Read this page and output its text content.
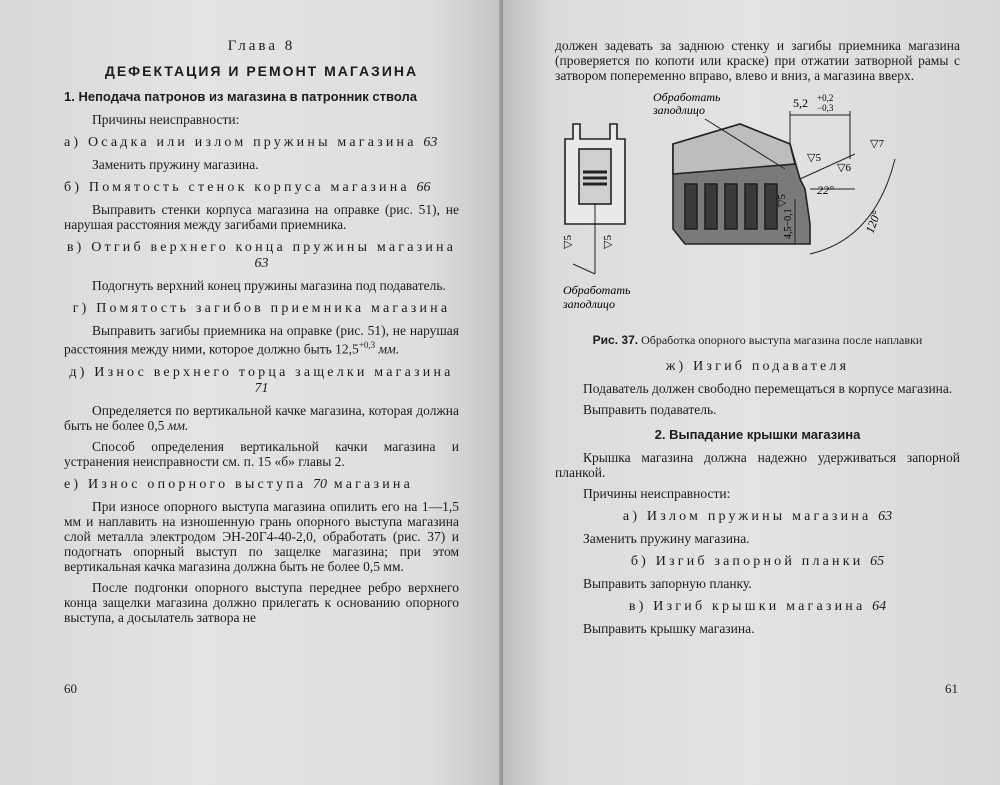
Глава 8
ДЕФЕКТАЦИЯ И РЕМОНТ МАГАЗИНА
1. Неподача патронов из магазина в патронник ствола
Причины неисправности:
а) Осадка или излом пружины магазина 63
Заменить пружину магазина.
б) Помятость стенок корпуса магазина 66
Выправить стенки корпуса магазина на оправке (рис. 51), не нарушая расстояния между загибами приемника.
в) Отгиб верхнего конца пружины магазина 63
Подогнуть верхний конец пружины магазина под подаватель.
г) Помятость загибов приемника магазина
Выправить загибы приемника на оправке (рис. 51), не нарушая расстояния между ними, которое должно быть $12,5^{+0,3}$ мм.
д) Износ верхнего торца защелки магазина 71
Определяется по вертикальной качке магазина, которая должна быть не более 0,5 мм.
Способ определения вертикальной качки магазина и устранения неисправности см. п. 15 «б» главы 2.
е) Износ опорного выступа 70 магазина
При износе опорного выступа магазина опилить его на 1—1,5 мм и наплавить на изношенную грань опорного выступа магазина слой металла электродом ЭН-20Г4-40-2,0, обработать (рис. 37) и подогнать опорный выступ по защелке магазина; при этом вертикальная качка магазина должна быть не более 0,5 мм.
После подгонки опорного выступа переднее ребро верхнего конца защелки магазина должно прилегать к основанию опорного выступа, а досылатель затвора не
60
должен задевать за заднюю стенку и загибы приемника магазина (проверяется по копоти или краске) при отжатии затворной рамы с затвором попеременно вправо, влево и вниз, а магазина вверх.
▽5	▽5
Обработать заподлицо
5,2 +0,2
−0,3
22°
120°
4,5−0,1
▽5
▽6
▽7
▽5
Обработать заподлицо
Рис. 37. Обработка опорного выступа магазина после наплавки
ж) Изгиб подавателя
Подаватель должен свободно перемещаться в корпусе магазина.
Выправить подаватель.
2. Выпадание крышки магазина
Крышка магазина должна надежно удерживаться запорной планкой.
Причины неисправности:
а) Излом пружины магазина 63
Заменить пружину магазина.
б) Изгиб запорной планки 65
Выправить запорную планку.
в) Изгиб крышки магазина 64
Выправить крышку магазина.
61
